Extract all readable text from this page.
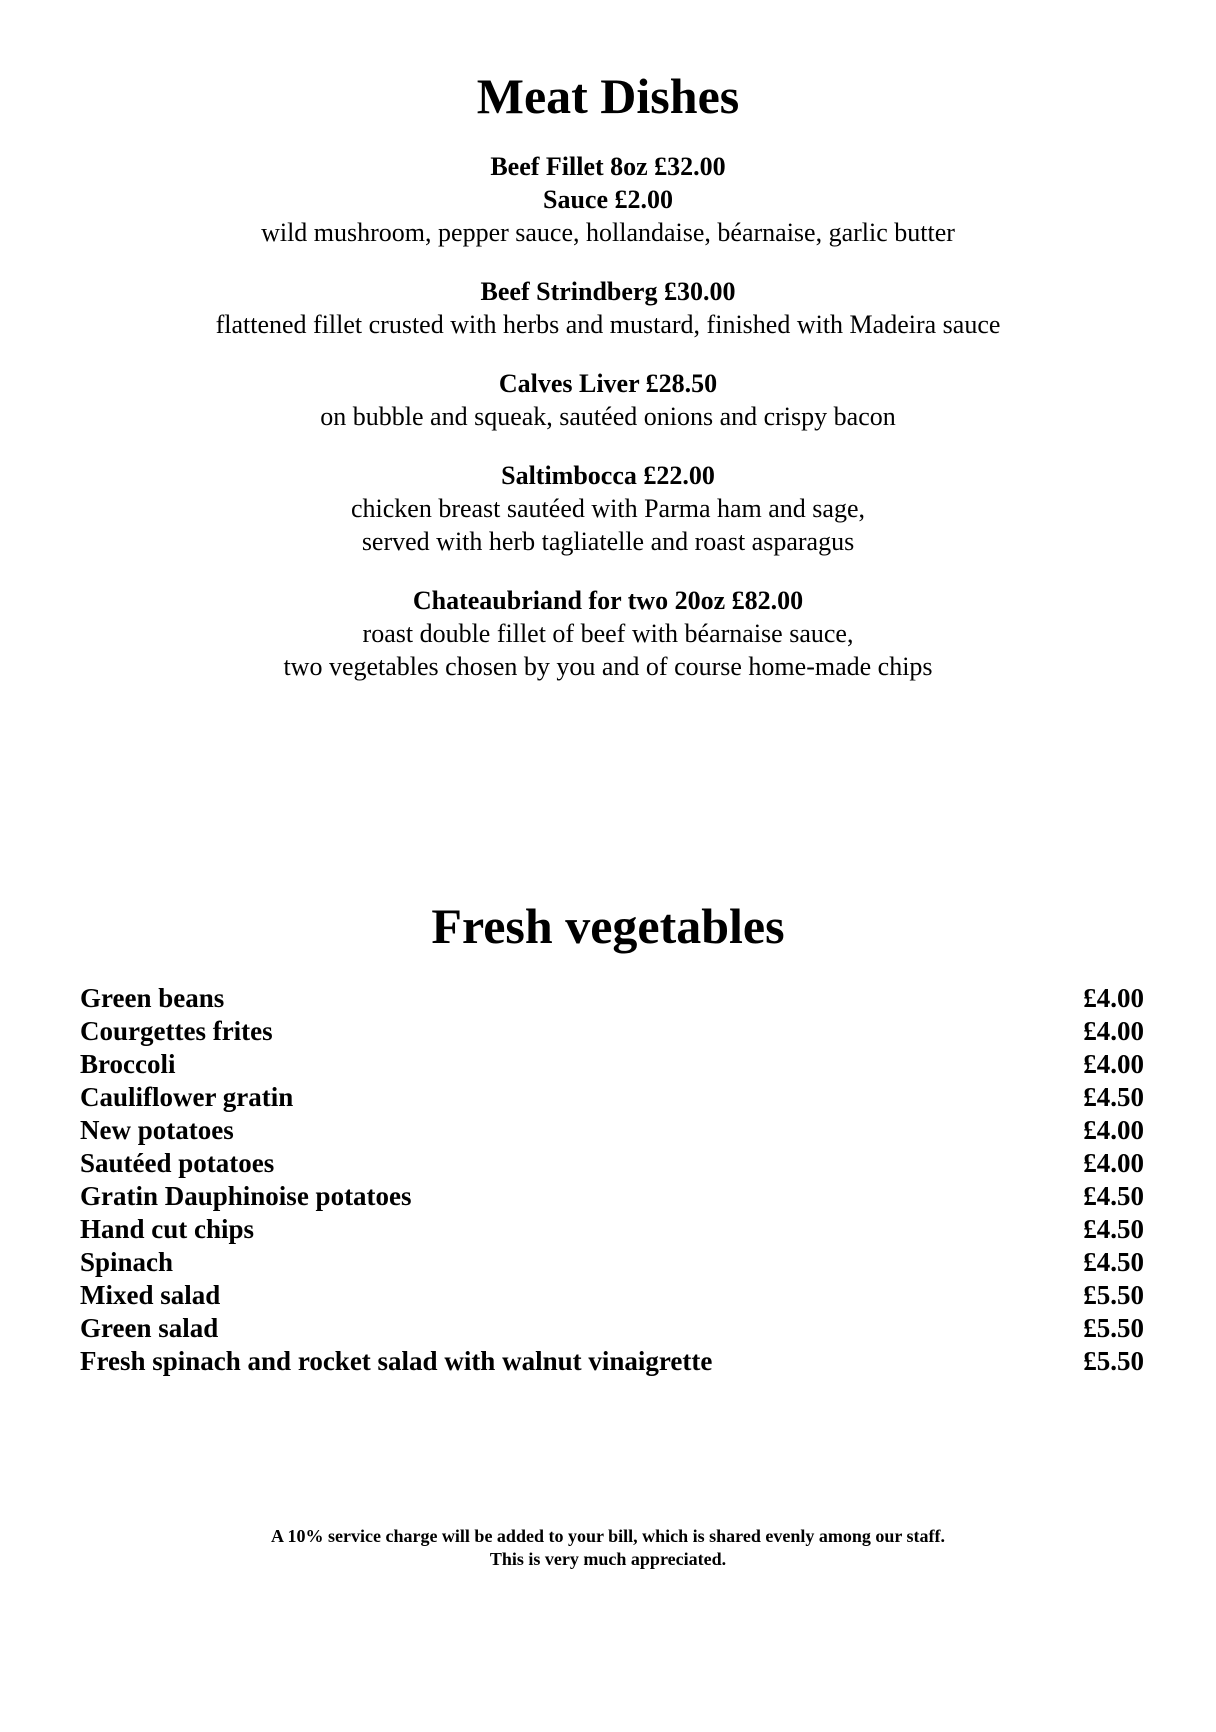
Meat Dishes
Beef Fillet 8oz £32.00
Sauce £2.00
wild mushroom, pepper sauce, hollandaise, béarnaise, garlic butter
Beef Strindberg £30.00
flattened fillet crusted with herbs and mustard, finished with Madeira sauce
Calves Liver £28.50
on bubble and squeak, sautéed onions and crispy bacon
Saltimbocca £22.00
chicken breast sautéed with Parma ham and sage,
served with herb tagliatelle and roast asparagus
Chateaubriand for two 20oz £82.00
roast double fillet of beef with béarnaise sauce,
two vegetables chosen by you and of course home-made chips
Fresh vegetables
Green beans	£4.00
Courgettes frites	£4.00
Broccoli	£4.00
Cauliflower gratin	£4.50
New potatoes	£4.00
Sautéed potatoes	£4.00
Gratin Dauphinoise potatoes	£4.50
Hand cut chips	£4.50
Spinach	£4.50
Mixed salad	£5.50
Green salad	£5.50
Fresh spinach and rocket salad with walnut vinaigrette	£5.50
A 10% service charge will be added to your bill, which is shared evenly among our staff.
This is very much appreciated.
